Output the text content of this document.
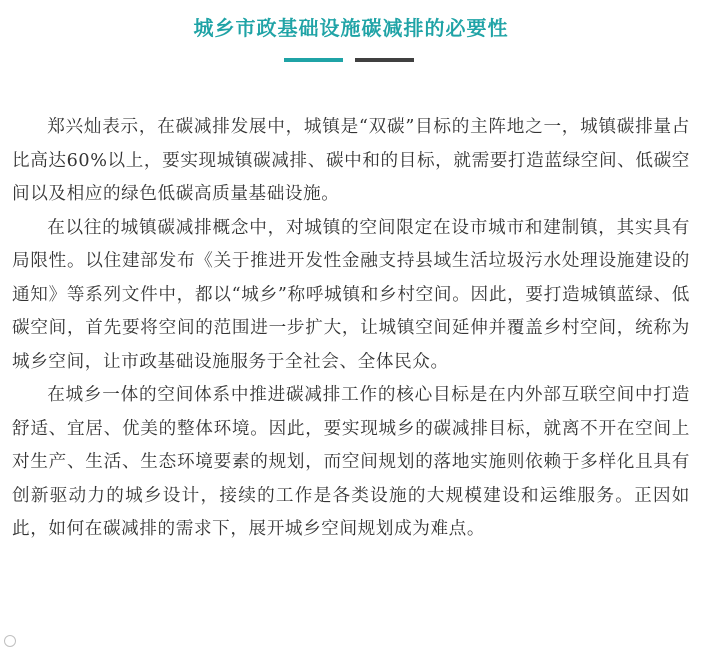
城乡市政基础设施碳减排的必要性

郑兴灿表示，在碳减排发展中，城镇是“双碳”目标的主阵地之一，城镇碳排量占比高达60%以上，要实现城镇碳减排、碳中和的目标，就需要打造蓝绿空间、低碳空间以及相应的绿色低碳高质量基础设施。

在以往的城镇碳减排概念中，对城镇的空间限定在设市城市和建制镇，其实具有局限性。以住建部发布《关于推进开发性金融支持县域生活垃圾污水处理设施建设的通知》等系列文件中，都以“城乡”称呼城镇和乡村空间。因此，要打造城镇蓝绿、低碳空间，首先要将空间的范围进一步扩大，让城镇空间延伸并覆盖乡村空间，统称为城乡空间，让市政基础设施服务于全社会、全体民众。

在城乡一体的空间体系中推进碳减排工作的核心目标是在内外部互联空间中打造舒适、宜居、优美的整体环境。因此，要实现城乡的碳减排目标，就离不开在空间上对生产、生活、生态环境要素的规划，而空间规划的落地实施则依赖于多样化且具有创新驱动力的城乡设计，接续的工作是各类设施的大规模建设和运维服务。正因如此，如何在碳减排的需求下，展开城乡空间规划成为难点。
